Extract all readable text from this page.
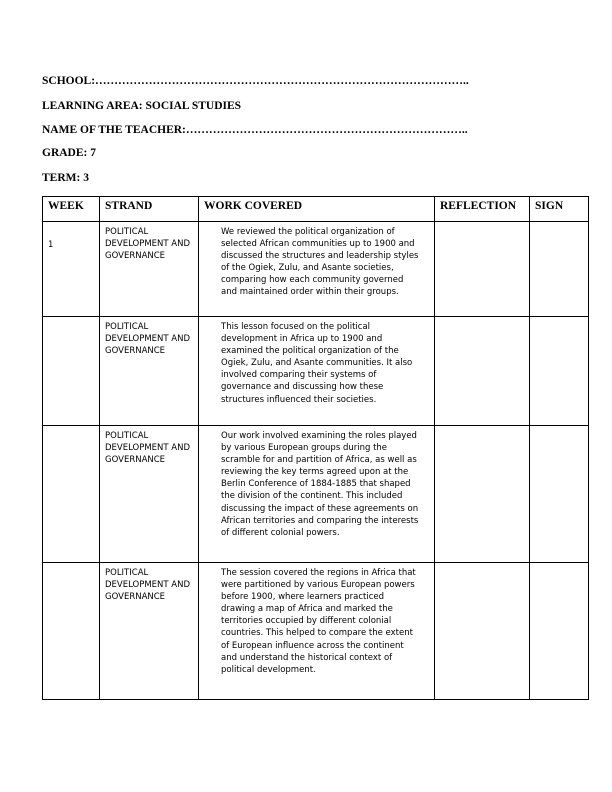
SCHOOL:……………………………………………………………………………………..
LEARNING AREA: SOCIAL STUDIES
NAME OF THE TEACHER:………………………………………………………………..
GRADE: 7
TERM: 3
WEEK	STRAND	WORK COVERED	REFLECTION	SIGN
1	POLITICAL DEVELOPMENT AND GOVERNANCE	We reviewed the political organization of selected African communities up to 1900 and discussed the structures and leadership styles of the Ogiek, Zulu, and Asante societies, comparing how each community governed and maintained order within their groups.		
	POLITICAL DEVELOPMENT AND GOVERNANCE	This lesson focused on the political development in Africa up to 1900 and examined the political organization of the Ogiek, Zulu, and Asante communities. It also involved comparing their systems of governance and discussing how these structures influenced their societies.		
	POLITICAL DEVELOPMENT AND GOVERNANCE	Our work involved examining the roles played by various European groups during the scramble for and partition of Africa, as well as reviewing the key terms agreed upon at the Berlin Conference of 1884-1885 that shaped the division of the continent. This included discussing the impact of these agreements on African territories and comparing the interests of different colonial powers.		
	POLITICAL DEVELOPMENT AND GOVERNANCE	The session covered the regions in Africa that were partitioned by various European powers before 1900, where learners practiced drawing a map of Africa and marked the territories occupied by different colonial countries. This helped to compare the extent of European influence across the continent and understand the historical context of political development.		
